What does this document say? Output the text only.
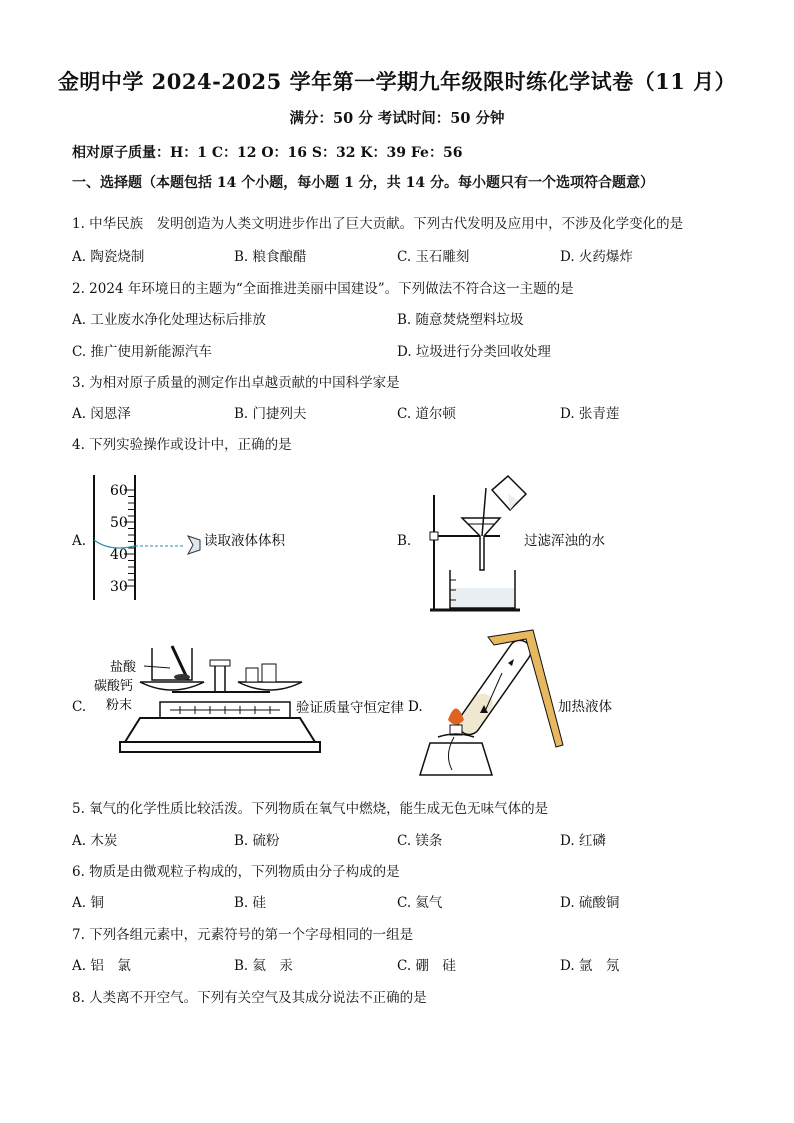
金明中学 2024-2025 学年第一学期九年级限时练化学试卷（11 月）
满分：50 分 考试时间：50 分钟
相对原子质量：H：1 C：12 O：16 S：32 K：39 Fe：56
一、选择题（本题包括 14 个小题，每小题 1 分，共 14 分。每小题只有一个选项符合题意）
1. 中华民族　发明创造为人类文明进步作出了巨大贡献。下列古代发明及应用中，不涉及化学变化的是
A. 陶瓷烧制	B. 粮食酿醋	C. 玉石雕刻	D. 火药爆炸
2. 2024 年环境日的主题为“全面推进美丽中国建设”。下列做法不符合这一主题的是
A. 工业废水净化处理达标后排放	B. 随意焚烧塑料垃圾
C. 推广使用新能源汽车	D. 垃圾进行分类回收处理
3. 为相对原子质量的测定作出卓越贡献的中国科学家是
A. 闵恩泽	B. 门捷列夫	C. 道尔顿	D. 张青莲
4. 下列实验操作或设计中，正确的是
A.	B.
C.
60
50
40
30
读取液体体积	过滤浑浊的水
盐酸
碳酸钙
粉末	验证质量守恒定律 D.	加热液体
5. 氧气的化学性质比较活泼。下列物质在氧气中燃烧，能生成无色无味气体的是
A. 木炭	B. 硫粉	C. 镁条	D. 红磷
6. 物质是由微观粒子构成的，下列物质由分子构成的是
A. 铜	B. 硅	C. 氦气	D. 硫酸铜
7. 下列各组元素中，元素符号的第一个字母相同的一组是
A. 铝　氯	B. 氦　汞	C. 硼　硅	D. 氩　氖
8. 人类离不开空气。下列有关空气及其成分说法不正确的是
